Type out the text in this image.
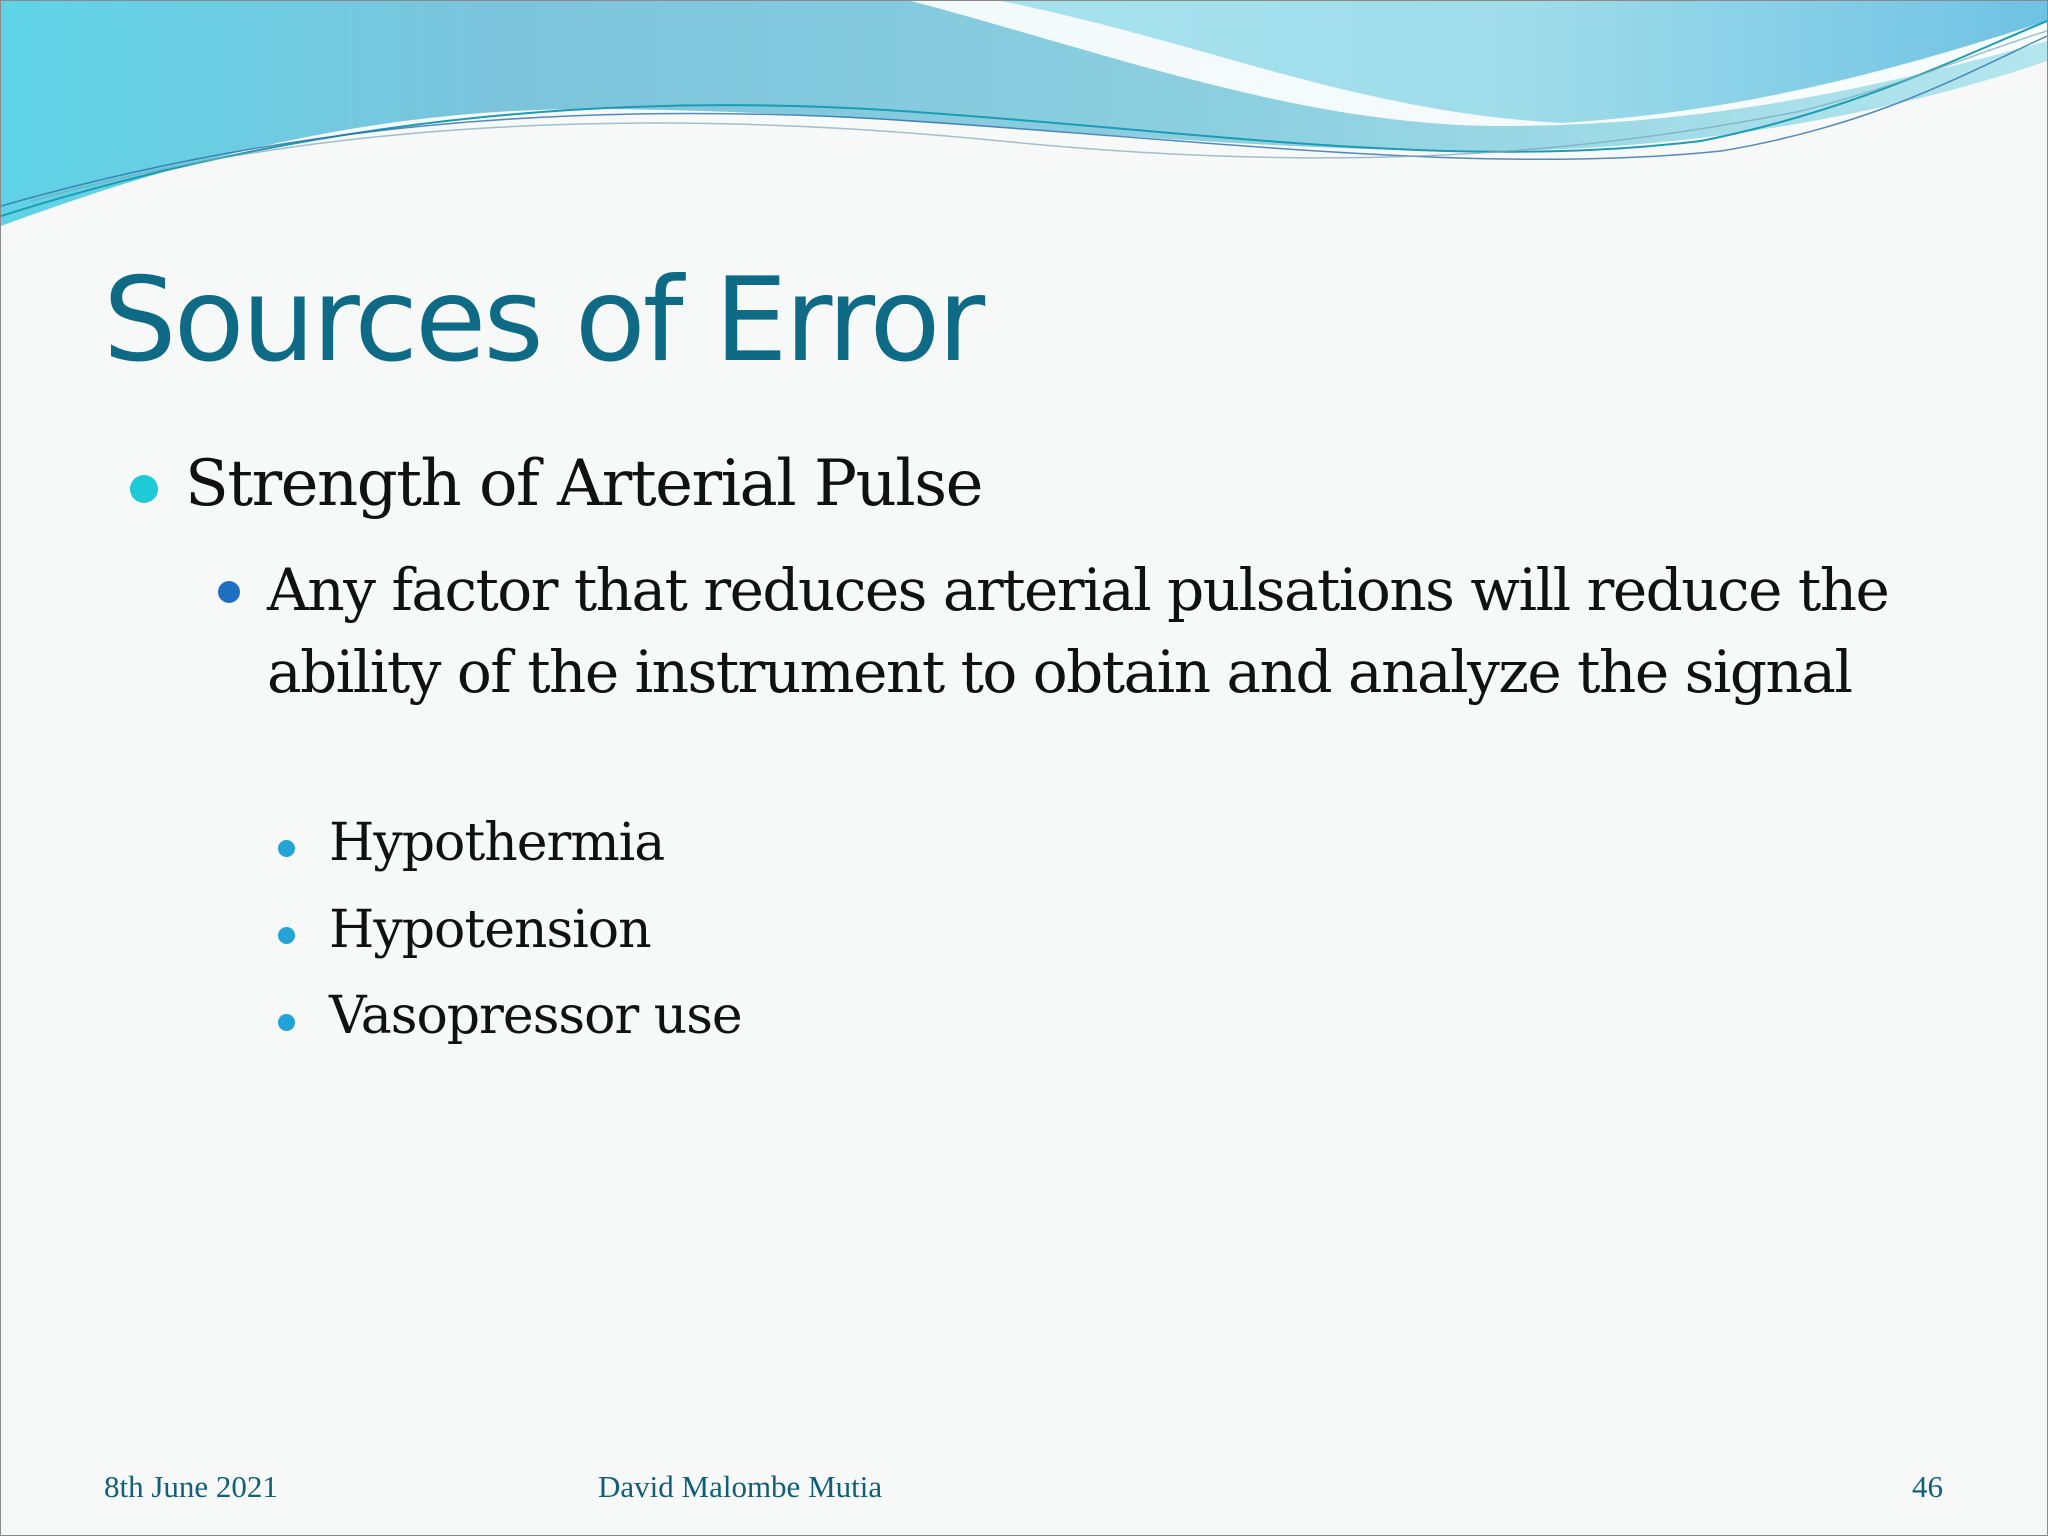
Sources of Error
Strength of Arterial Pulse
Any factor that reduces arterial pulsations will reduce the ability of the instrument to obtain and analyze the signal
Hypothermia
Hypotension
Vasopressor use
8th June 2021	David Malombe Mutia	46
